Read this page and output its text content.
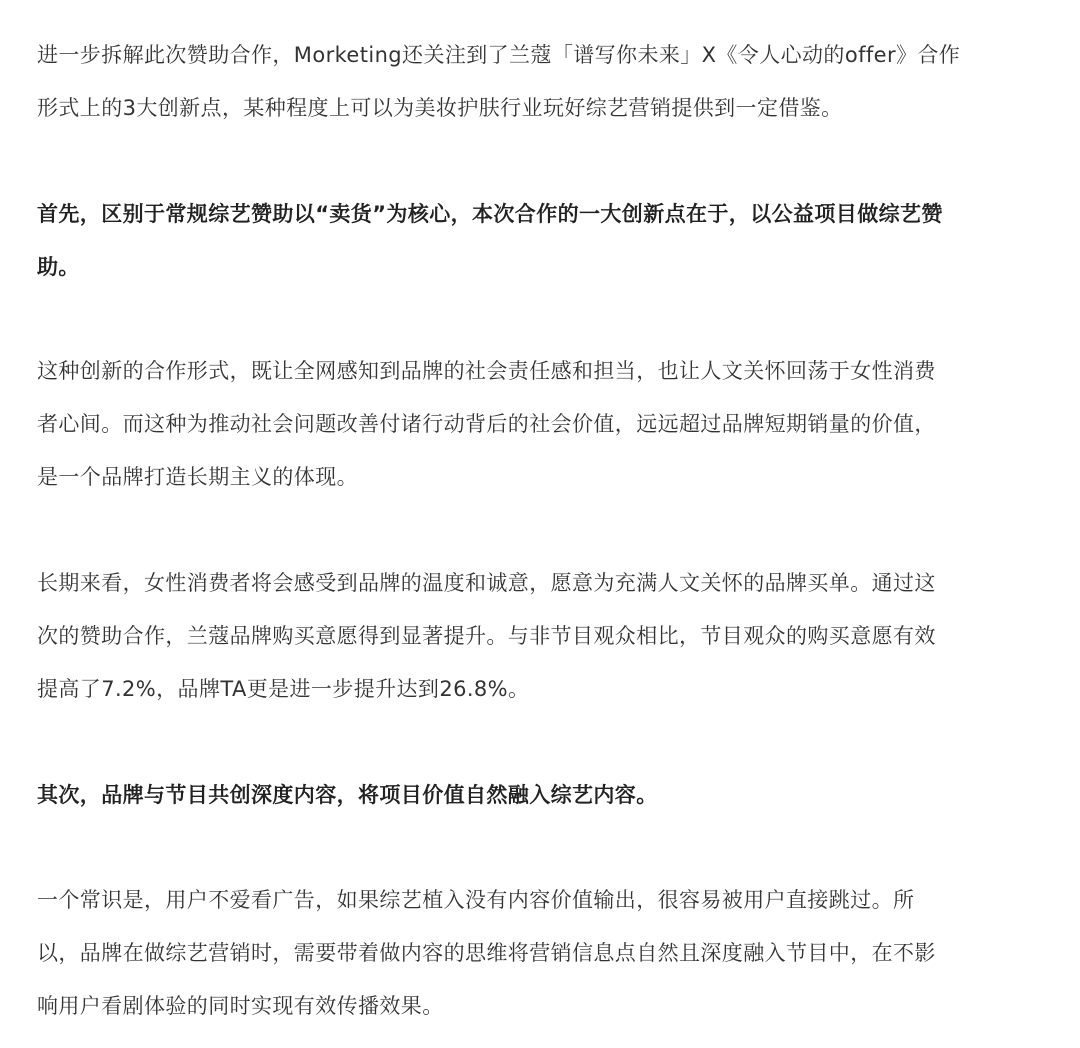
进一步拆解此次赞助合作，Morketing还关注到了兰蔻「谱写你未来」X《令人心动的offer》合作
形式上的3大创新点，某种程度上可以为美妆护肤行业玩好综艺营销提供到一定借鉴。

首先，区别于常规综艺赞助以“卖货”为核心，本次合作的一大创新点在于，以公益项目做综艺赞
助。

这种创新的合作形式，既让全网感知到品牌的社会责任感和担当，也让人文关怀回荡于女性消费
者心间。而这种为推动社会问题改善付诸行动背后的社会价值，远远超过品牌短期销量的价值，
是一个品牌打造长期主义的体现。

长期来看，女性消费者将会感受到品牌的温度和诚意，愿意为充满人文关怀的品牌买单。通过这
次的赞助合作，兰蔻品牌购买意愿得到显著提升。与非节目观众相比，节目观众的购买意愿有效
提高了7.2%，品牌TA更是进一步提升达到26.8%。

其次，品牌与节目共创深度内容，将项目价值自然融入综艺内容。

一个常识是，用户不爱看广告，如果综艺植入没有内容价值输出，很容易被用户直接跳过。所
以，品牌在做综艺营销时，需要带着做内容的思维将营销信息点自然且深度融入节目中，在不影
响用户看剧体验的同时实现有效传播效果。
